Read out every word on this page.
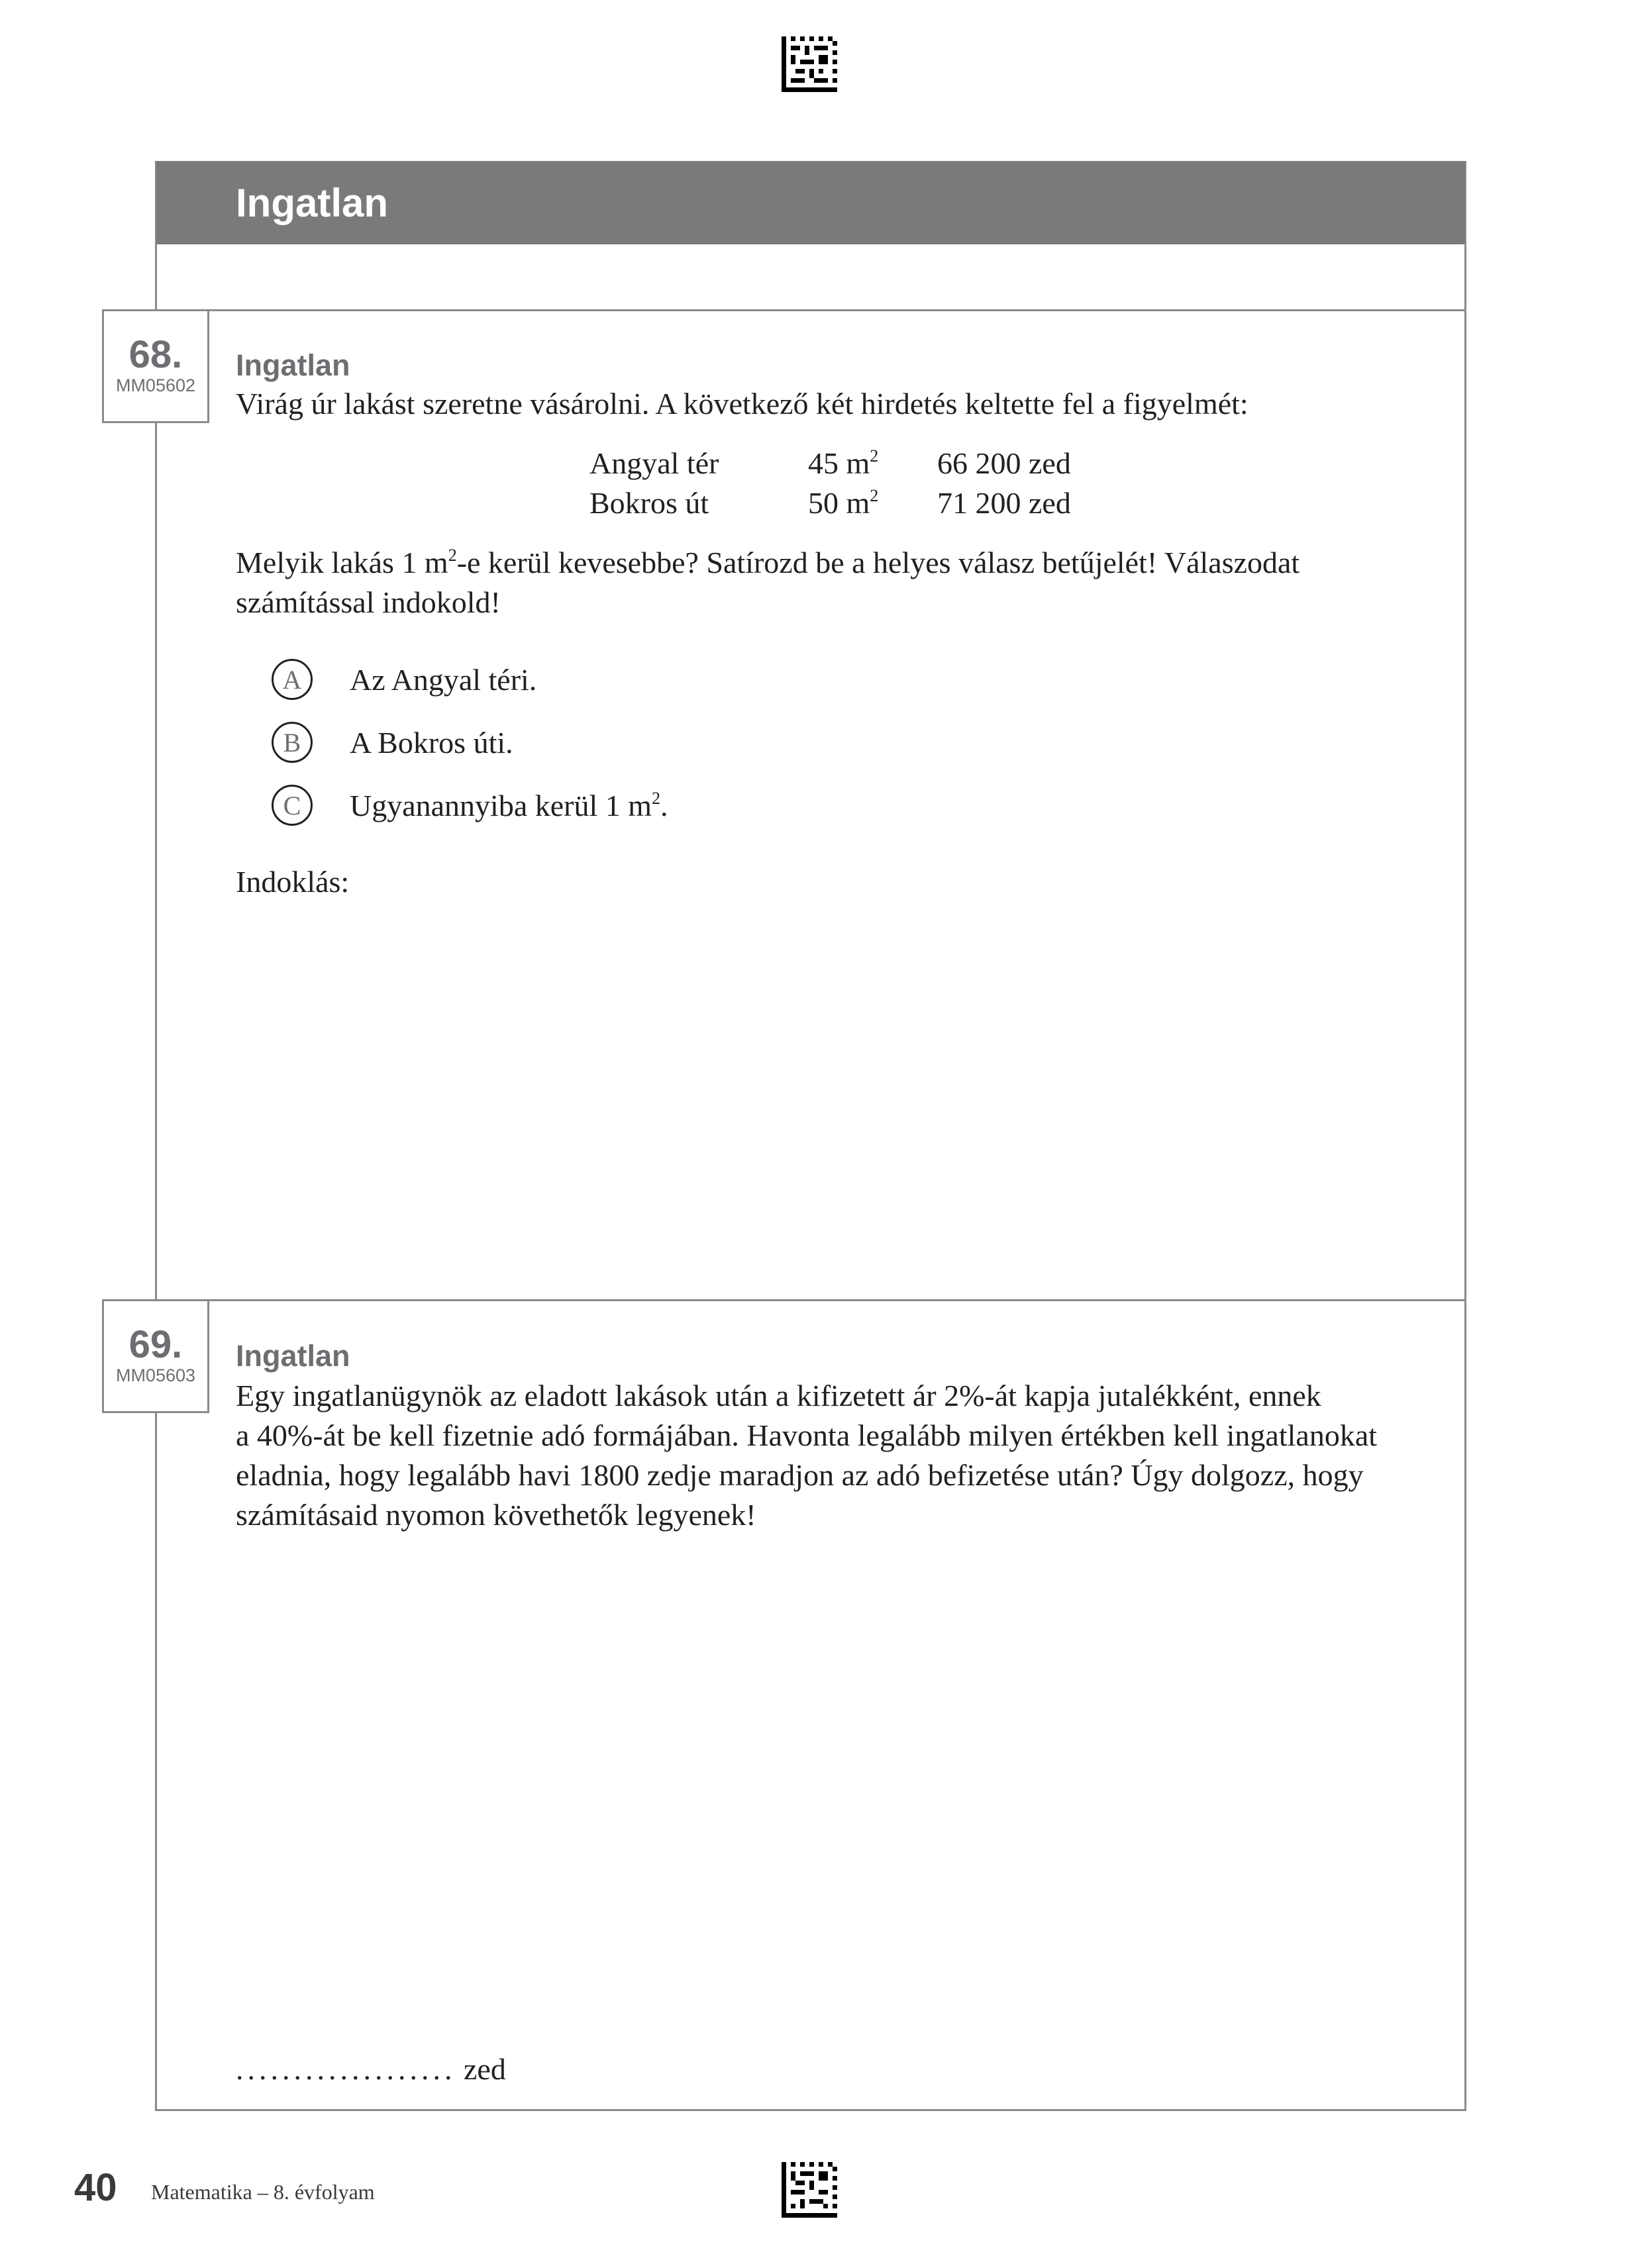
Ingatlan
68.
MM05602
Ingatlan
Virág úr lakást szeretne vásárolni. A következő két hirdetés keltette fel a figyelmét:
Angyal tér	45 $m^2$	66 200 zed
Bokros út	50 $m^2$	71 200 zed
Melyik lakás 1 $m^2-e$ kerül kevesebbe? Satírozd be a helyes válasz betűjelét! Válaszodat
számítással indokold!
A	Az Angyal téri.
B	A Bokros úti.
C	Ugyanannyiba kerül 1 $m^2$.
Indoklás:
69.
MM05603
Ingatlan
Egy ingatlanügynök az eladott lakások után a kifizetett ár 2%-át kapja jutalékként, ennek
a 40%-át be kell fizetnie adó formájában. Havonta legalább milyen értékben kell ingatlanokat
eladnia, hogy legalább havi 1800 zedje maradjon az adó befizetése után? Úgy dolgozz, hogy
számításaid nyomon követhetők legyenek!
................... zed
40 Matematika – 8. évfolyam
